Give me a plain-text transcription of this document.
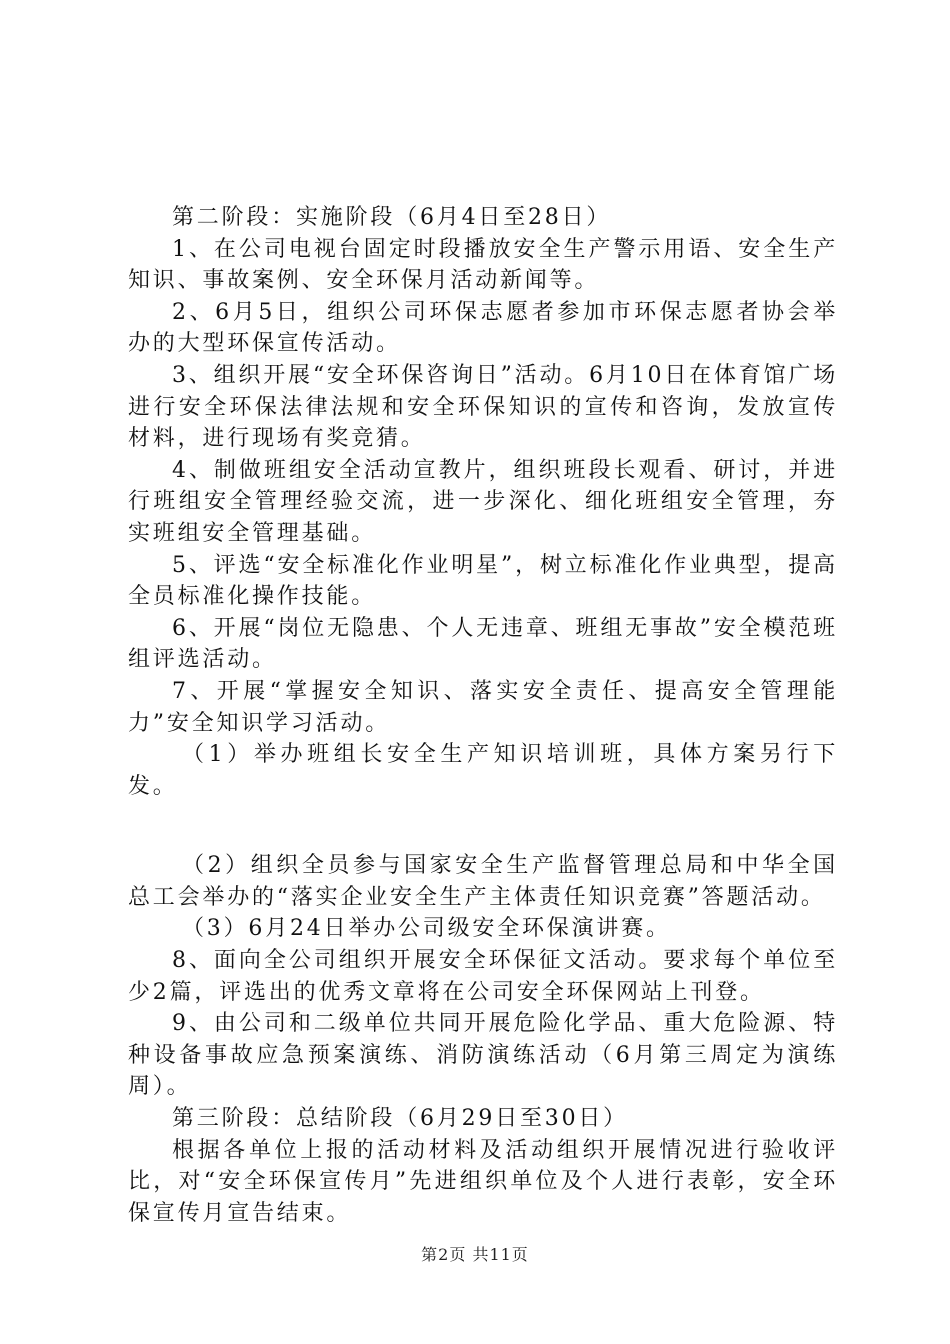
第二阶段：实施阶段（6月4日至28日）

1、在公司电视台固定时段播放安全生产警示用语、安全生产知识、事故案例、安全环保月活动新闻等。

2、6月5日，组织公司环保志愿者参加市环保志愿者协会举办的大型环保宣传活动。

3、组织开展“安全环保咨询日”活动。6月10日在体育馆广场进行安全环保法律法规和安全环保知识的宣传和咨询，发放宣传材料，进行现场有奖竞猜。

4、制做班组安全活动宣教片，组织班段长观看、研讨，并进行班组安全管理经验交流，进一步深化、细化班组安全管理，夯实班组安全管理基础。

5、评选“安全标准化作业明星”，树立标准化作业典型，提高全员标准化操作技能。

6、开展“岗位无隐患、个人无违章、班组无事故”安全模范班组评选活动。

7、开展“掌握安全知识、落实安全责任、提高安全管理能力”安全知识学习活动。

（1）举办班组长安全生产知识培训班，具体方案另行下发。

（2）组织全员参与国家安全生产监督管理总局和中华全国总工会举办的“落实企业安全生产主体责任知识竞赛”答题活动。

（3）6月24日举办公司级安全环保演讲赛。

8、面向全公司组织开展安全环保征文活动。要求每个单位至少2篇，评选出的优秀文章将在公司安全环保网站上刊登。

9、由公司和二级单位共同开展危险化学品、重大危险源、特种设备事故应急预案演练、消防演练活动（6月第三周定为演练周）。

第三阶段：总结阶段（6月29日至30日）

根据各单位上报的活动材料及活动组织开展情况进行验收评比，对“安全环保宣传月”先进组织单位及个人进行表彰，安全环保宣传月宣告结束。

第2页 共11页
